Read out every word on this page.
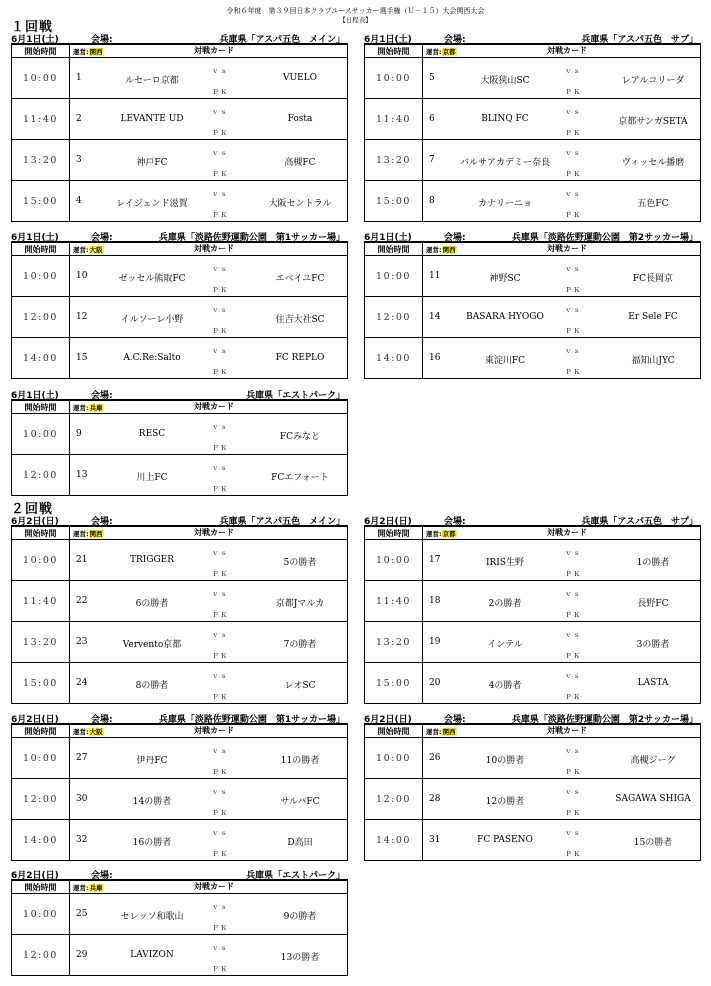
令和６年度　第３９回日本クラブユースサッカー選手権（Ｕ－１５）大会関西大会
【日程表】
１回戦
２回戦
6月1日(土)	会場:	兵庫県「アスパ五色　メイン」
開始時間	運営:関西 対戦カード

10:00	1 ルセーロ京都
ｖｓ
ＰＫ
VUELO

11:40	2 LEVANTE UD
ｖｓ
ＰＫ
Fosta

13:20	3 神戸FC
ｖｓ
ＰＫ
高槻FC

15:00	4 レイジェンド滋賀
ｖｓ
ＰＫ
大阪セントラル
6月1日(土)	会場:	兵庫県「アスパ五色　サブ」
開始時間	運営:京都 対戦カード

10:00	5 大阪狭山SC
ｖｓ
ＰＫ
レアルコリーダ

11:40	6 BLINQ FC
ｖｓ
ＰＫ
京都サンガSETA

13:20	7 バルサアカデミー奈良
ｖｓ
ＰＫ
ヴィッセル播磨

15:00	8 カナリーニョ
ｖｓ
ＰＫ
五色FC
6月1日(土)	会場:	兵庫県「淡路佐野運動公園　第1サッカー場」
開始時間	運営:大阪 対戦カード

10:00	10 ゼッセル熊取FC
ｖｓ
ＰＫ
エベイユFC

12:00	12 イルソーレ小野
ｖｓ
ＰＫ
住吉大社SC

14:00	15 A.C.Re:Salto
ｖｓ
ＰＫ
FC REPLO
6月1日(土)	会場:	兵庫県「淡路佐野運動公園　第2サッカー場」
開始時間	運営:関西 対戦カード

10:00	11 神野SC
ｖｓ
ＰＫ
FC長岡京

12:00	14 BASARA HYOGO
ｖｓ
ＰＫ
Er Sele FC

14:00	16 東淀川FC
ｖｓ
ＰＫ
福知山JYC
6月1日(土)	会場:	兵庫県「エストパーク」
開始時間	運営:兵庫 対戦カード

10:00	9 RESC
ｖｓ
ＰＫ
FCみなと

12:00	13 川上FC
ｖｓ
ＰＫ
FCエフォート
6月2日(日)	会場:	兵庫県「アスパ五色　メイン」
開始時間	運営:関西 対戦カード

10:00	21 TRIGGER
ｖｓ
ＰＫ
5の勝者

11:40	22 6の勝者
ｖｓ
ＰＫ
京都Jマルカ

13:20	23 Vervento京都
ｖｓ
ＰＫ
7の勝者

15:00	24 8の勝者
ｖｓ
ＰＫ
レオSC
6月2日(日)	会場:	兵庫県「アスパ五色　サブ」
開始時間	運営:京都 対戦カード

10:00	17 IRIS生野
ｖｓ
ＰＫ
1の勝者

11:40	18 2の勝者
ｖｓ
ＰＫ
長野FC

13:20	19 インテル
ｖｓ
ＰＫ
3の勝者

15:00	20 4の勝者
ｖｓ
ＰＫ
LASTA
6月2日(日)	会場:	兵庫県「淡路佐野運動公園　第1サッカー場」
開始時間	運営:大阪 対戦カード

10:00	27 伊丹FC
ｖｓ
ＰＫ
11の勝者

12:00	30 14の勝者
ｖｓ
ＰＫ
サルパFC

14:00	32 16の勝者
ｖｓ
ＰＫ
D高田
6月2日(日)	会場:	兵庫県「淡路佐野運動公園　第2サッカー場」
開始時間	運営:関西 対戦カード

10:00	26 10の勝者
ｖｓ
ＰＫ
高槻ジーグ

12:00	28 12の勝者
ｖｓ
ＰＫ
SAGAWA SHIGA

14:00	31 FC PASENO
ｖｓ
ＰＫ
15の勝者
6月2日(日)	会場:	兵庫県「エストパーク」
開始時間	運営:兵庫 対戦カード

10:00	25 セレッソ和歌山
ｖｓ
ＰＫ
9の勝者

12:00	29 LAVIZON
ｖｓ
ＰＫ
13の勝者
